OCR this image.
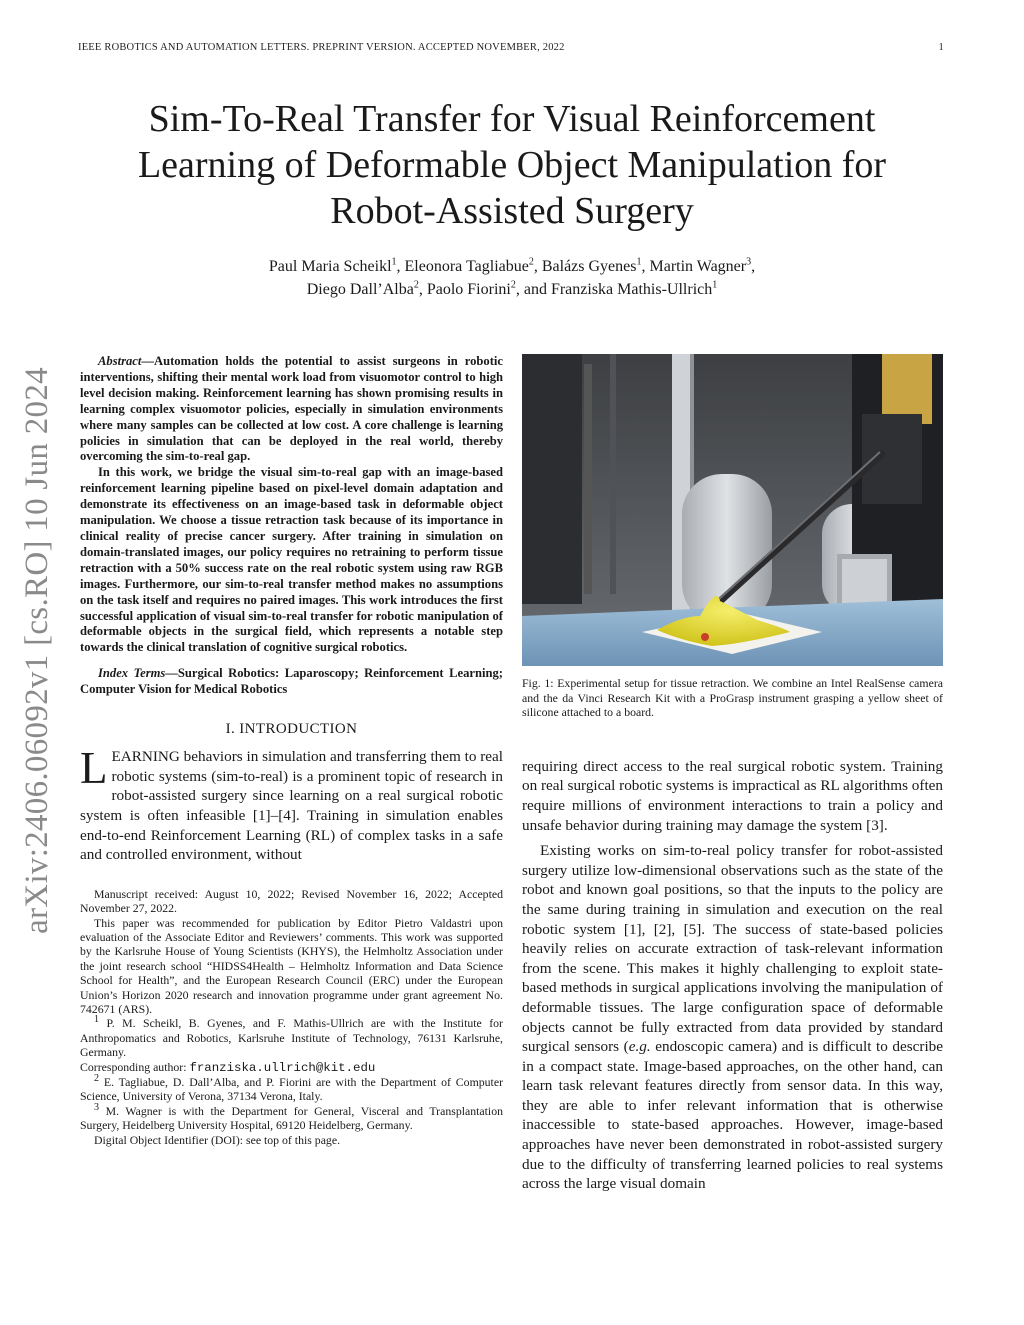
IEEE ROBOTICS AND AUTOMATION LETTERS. PREPRINT VERSION. ACCEPTED NOVEMBER, 2022	1
Sim-To-Real Transfer for Visual Reinforcement
Learning of Deformable Object Manipulation for
Robot-Assisted Surgery
Paul Maria Scheikl$^1$, Eleonora Tagliabue$^2$, Balázs Gyenes$^1$, Martin Wagner$^3$,
Diego Dall’Alba$^2$, Paolo Fiorini$^2$, and Franziska Mathis-Ullrich$^1$
arXiv:2406.06092v1 [cs.RO] 10 Jun 2024

Abstract—Automation holds the potential to assist surgeons in robotic interventions, shifting their mental work load from visuomotor control to high level decision making. Reinforcement learning has shown promising results in learning complex visuomotor policies, especially in simulation environments where many samples can be collected at low cost. A core challenge is learning policies in simulation that can be deployed in the real world, thereby overcoming the sim-to-real gap.

In this work, we bridge the visual sim-to-real gap with an image-based reinforcement learning pipeline based on pixel-level domain adaptation and demonstrate its effectiveness on an image-based task in deformable object manipulation. We choose a tissue retraction task because of its importance in clinical reality of precise cancer surgery. After training in simulation on domain-translated images, our policy requires no retraining to perform tissue retraction with a 50% success rate on the real robotic system using raw RGB images. Furthermore, our sim-to-real transfer method makes no assumptions on the task itself and requires no paired images. This work introduces the first successful application of visual sim-to-real transfer for robotic manipulation of deformable objects in the surgical field, which represents a notable step towards the clinical translation of cognitive surgical robotics.

Index Terms—Surgical Robotics: Laparoscopy; Reinforcement Learning; Computer Vision for Medical Robotics

I. INTRODUCTION
LEARNING behaviors in simulation and transferring them to real robotic systems (sim-to-real) is a prominent topic of research in robot-assisted surgery since learning on a real surgical robotic system is often infeasible [1]–[4]. Training in simulation enables end-to-end Reinforcement Learning (RL) of complex tasks in a safe and controlled environment, without

Manuscript received: August 10, 2022; Revised November 16, 2022; Accepted November 27, 2022.

This paper was recommended for publication by Editor Pietro Valdastri upon evaluation of the Associate Editor and Reviewers’ comments. This work was supported by the Karlsruhe House of Young Scientists (KHYS), the Helmholtz Association under the joint research school “HIDSS4Health – Helmholtz Information and Data Science School for Health”, and the European Research Council (ERC) under the European Union’s Horizon 2020 research and innovation programme under grant agreement No. 742671 (ARS).

$^1$ P. M. Scheikl, B. Gyenes, and F. Mathis-Ullrich are with the Institute for Anthropomatics and Robotics, Karlsruhe Institute of Technology, 76131 Karlsruhe, Germany.

Corresponding author: franziska.ullrich@kit.edu

$^2$ E. Tagliabue, D. Dall’Alba, and P. Fiorini are with the Department of Computer Science, University of Verona, 37134 Verona, Italy.

$^3$ M. Wagner is with the Department for General, Visceral and Transplantation Surgery, Heidelberg University Hospital, 69120 Heidelberg, Germany.

Digital Object Identifier (DOI): see top of this page.

Fig. 1: Experimental setup for tissue retraction. We combine an Intel RealSense camera and the da Vinci Research Kit with a ProGrasp instrument grasping a yellow sheet of silicone attached to a board.

requiring direct access to the real surgical robotic system. Training on real surgical robotic systems is impractical as RL algorithms often require millions of environment interactions to train a policy and unsafe behavior during training may damage the system [3].

Existing works on sim-to-real policy transfer for robot-assisted surgery utilize low-dimensional observations such as the state of the robot and known goal positions, so that the inputs to the policy are the same during training in simulation and execution on the real robotic system [1], [2], [5]. The success of state-based policies heavily relies on accurate extraction of task-relevant information from the scene. This makes it highly challenging to exploit state-based methods in surgical applications involving the manipulation of deformable tissues. The large configuration space of deformable objects cannot be fully extracted from data provided by standard surgical sensors (e.g. endoscopic camera) and is difficult to describe in a compact state. Image-based approaches, on the other hand, can learn task relevant features directly from sensor data. In this way, they are able to infer relevant information that is otherwise inaccessible to state-based approaches. However, image-based approaches have never been demonstrated in robot-assisted surgery due to the difficulty of transferring learned policies to real systems across the large visual domain
